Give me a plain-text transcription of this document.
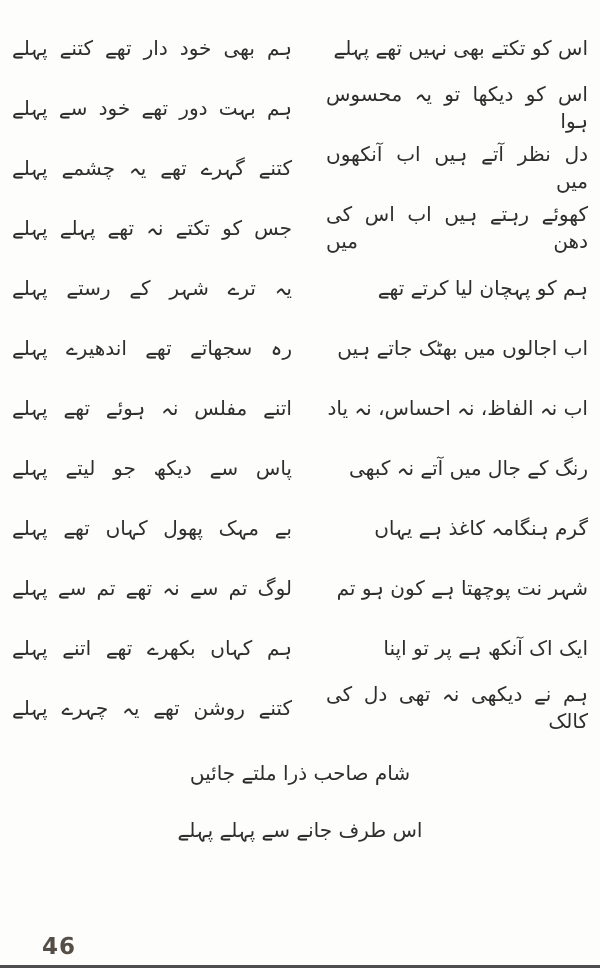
اس کو تکتے بھی نہیں تھے پہلے
ہم بھی خود دار تھے کتنے پہلے
اس کو دیکھا تو یہ محسوس ہوا
ہم بہت دور تھے خود سے پہلے
دل نظر آتے ہیں اب آنکھوں میں
کتنے گہرے تھے یہ چشمے پہلے
کھوئے رہتے ہیں اب اس کی دھن میں
جس کو تکتے نہ تھے پہلے پہلے
ہم کو پہچان لیا کرتے تھے
یہ ترے شہر کے رستے پہلے
اب اجالوں میں بھٹک جاتے ہیں
رہ سجھاتے تھے اندھیرے پہلے
اب نہ الفاظ، نہ احساس، نہ یاد
اتنے مفلس نہ ہوئے تھے پہلے
رنگ کے جال میں آتے نہ کبھی
پاس سے دیکھ جو لیتے پہلے
گرم ہنگامہ کاغذ ہے یہاں
بے مہک پھول کہاں تھے پہلے
شہر نت پوچھتا ہے کون ہو تم
لوگ تم سے نہ تھے تم سے پہلے
ایک اک آنکھ ہے پر تو اپنا
ہم کہاں بکھرے تھے اتنے پہلے
ہم نے دیکھی نہ تھی دل کی کالک
کتنے روشن تھے یہ چہرے پہلے
شام صاحب ذرا ملتے جائیں
اس طرف جانے سے پہلے پہلے
46
